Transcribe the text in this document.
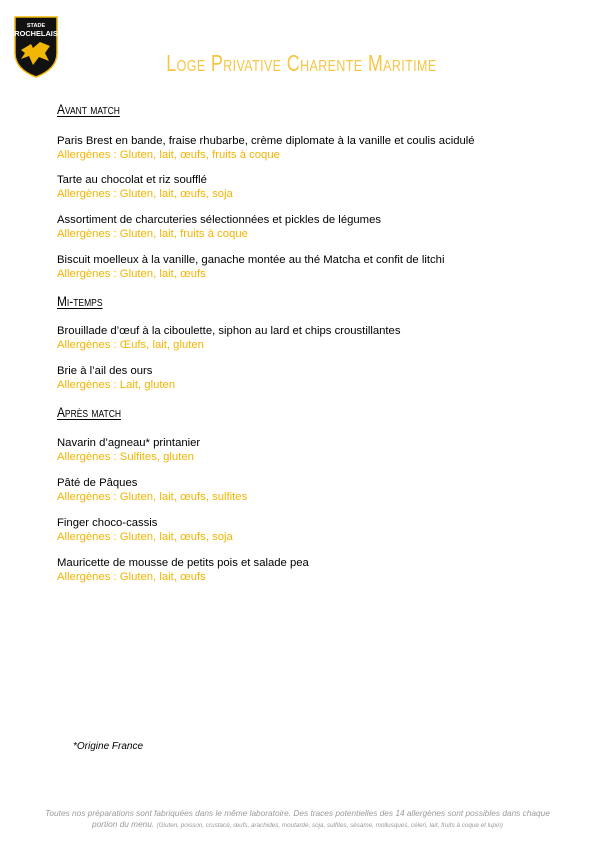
STADE
ROCHELAIS
Loge Privative Charente Maritime
Avant match
Paris Brest en bande, fraise rhubarbe, crème diplomate à la vanille et coulis acidulé
Allergènes : Gluten, lait, œufs, fruits à coque
Tarte au chocolat et riz soufflé
Allergènes : Gluten, lait, œufs, soja
Assortiment de charcuteries sélectionnées et pickles de légumes
Allergènes : Gluten, lait, fruits à coque
Biscuit moelleux à la vanille, ganache montée au thé Matcha et confit de litchi
Allergènes : Gluten, lait, œufs
Mi-temps
Brouillade d’œuf à la ciboulette, siphon au lard et chips croustillantes
Allergènes : Œufs, lait, gluten
Brie à l’ail des ours
Allergènes : Lait, gluten
Après match
Navarin d’agneau* printanier
Allergènes : Sulfites, gluten
Pâté de Pâques
Allergènes : Gluten, lait, œufs, sulfites
Finger choco-cassis
Allergènes : Gluten, lait, œufs, soja
Mauricette de mousse de petits pois et salade pea
Allergènes : Gluten, lait, œufs
*Origine France
Toutes nos préparations sont fabriquées dans le même laboratoire. Des traces potentielles des 14 allergènes sont possibles dans chaque portion du menu. (Gluten, poisson, crustacé, œufs, arachides, moutarde, soja, sulfites, sésame, mollusques, céleri, lait, fruits à coque et lupin)
